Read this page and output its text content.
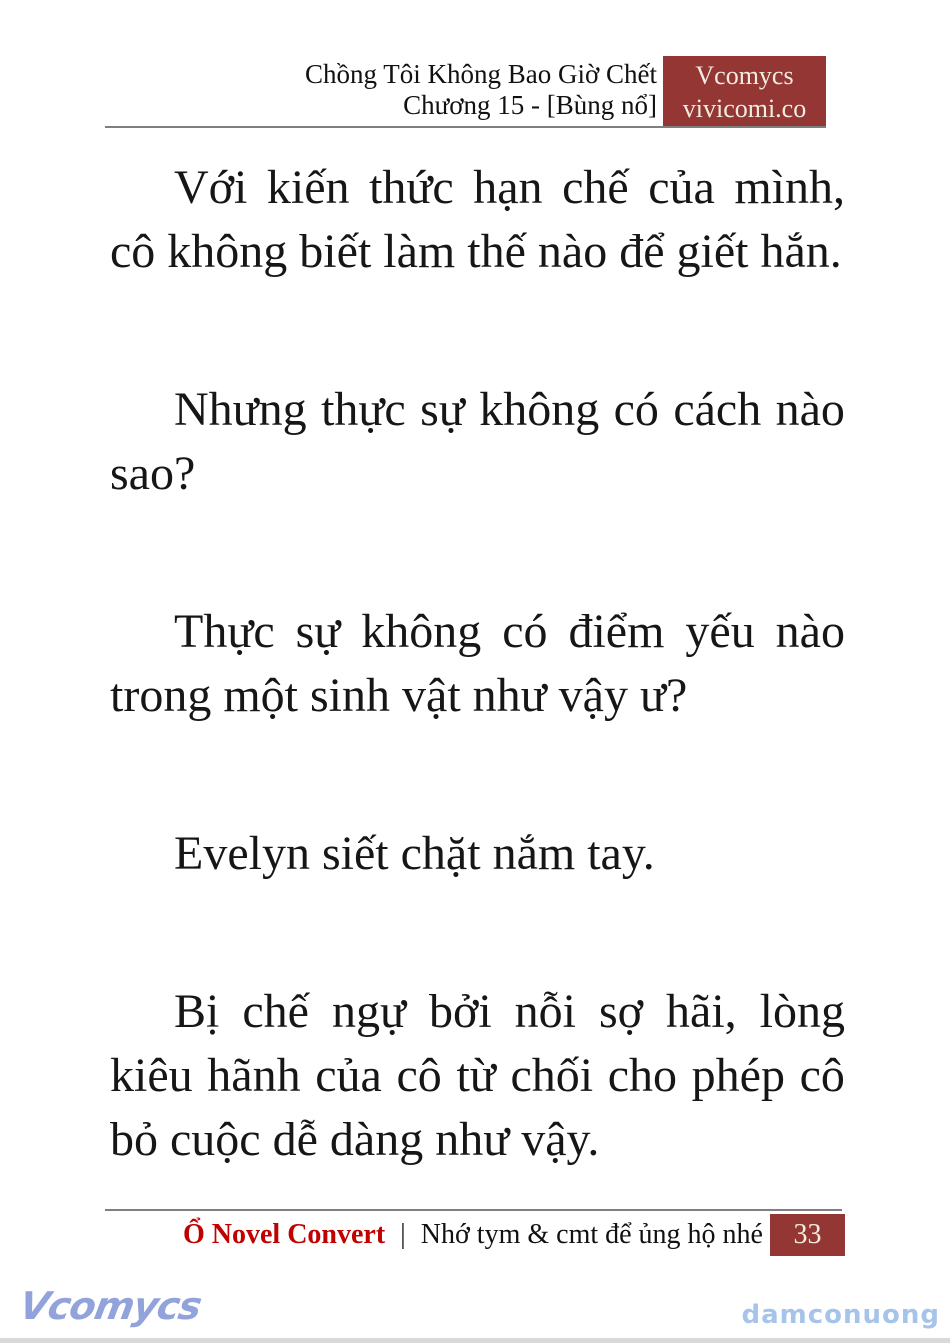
Chồng Tôi Không Bao Giờ Chết
Chương 15 - [Bùng nổ]
Vcomycs
vivicomi.co
Với kiến thức hạn chế của mình,
cô không biết làm thế nào để giết hắn.
Nhưng thực sự không có cách nào
sao?
Thực sự không có điểm yếu nào
trong một sinh vật như vậy ư?
Evelyn siết chặt nắm tay.
Bị chế ngự bởi nỗi sợ hãi, lòng
kiêu hãnh của cô từ chối cho phép cô
bỏ cuộc dễ dàng như vậy.
Ổ Novel Convert | Nhớ tym & cmt để ủng hộ nhé 33
Vcomycs	damconuong
